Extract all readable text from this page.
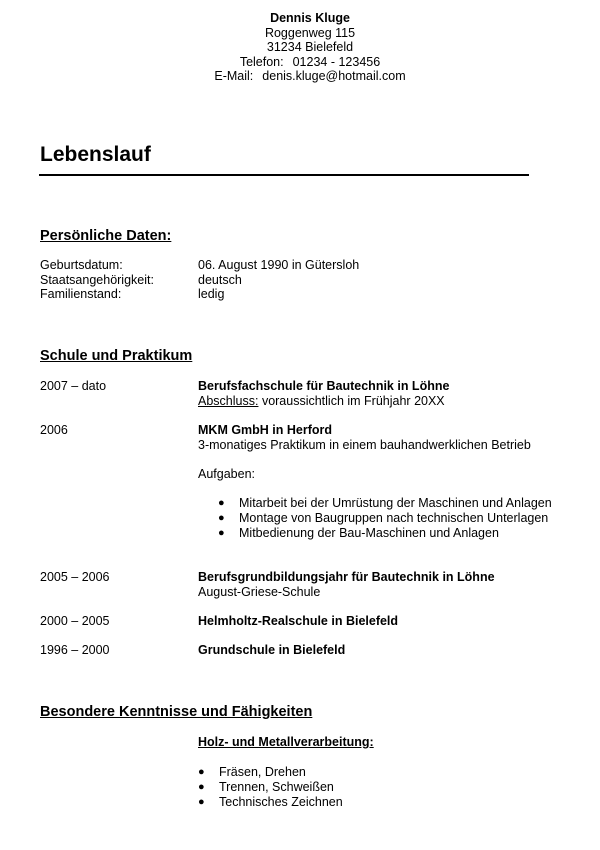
Dennis Kluge
Roggenweg 115
31234 Bielefeld
Telefon: 01234 - 123456
E-Mail: denis.kluge@hotmail.com
Lebenslauf
Persönliche Daten:
Geburtsdatum:	06. August 1990 in Gütersloh
Staatsangehörigkeit:	deutsch
Familienstand:	ledig
Schule und Praktikum
2007 – dato	Berufsfachschule für Bautechnik in Löhne
Abschluss: voraussichtlich im Frühjahr 20XX
2006	MKM GmbH in Herford
3-monatiges Praktikum in einem bauhandwerklichen Betrieb
Aufgaben:
● Mitarbeit bei der Umrüstung der Maschinen und Anlagen
● Montage von Baugruppen nach technischen Unterlagen
● Mitbedienung der Bau-Maschinen und Anlagen
2005 – 2006	Berufsgrundbildungsjahr für Bautechnik in Löhne
August-Griese-Schule
2000 – 2005	Helmholtz-Realschule in Bielefeld
1996 – 2000	Grundschule in Bielefeld
Besondere Kenntnisse und Fähigkeiten
Holz- und Metallverarbeitung:
● Fräsen, Drehen
● Trennen, Schweißen
● Technisches Zeichnen
